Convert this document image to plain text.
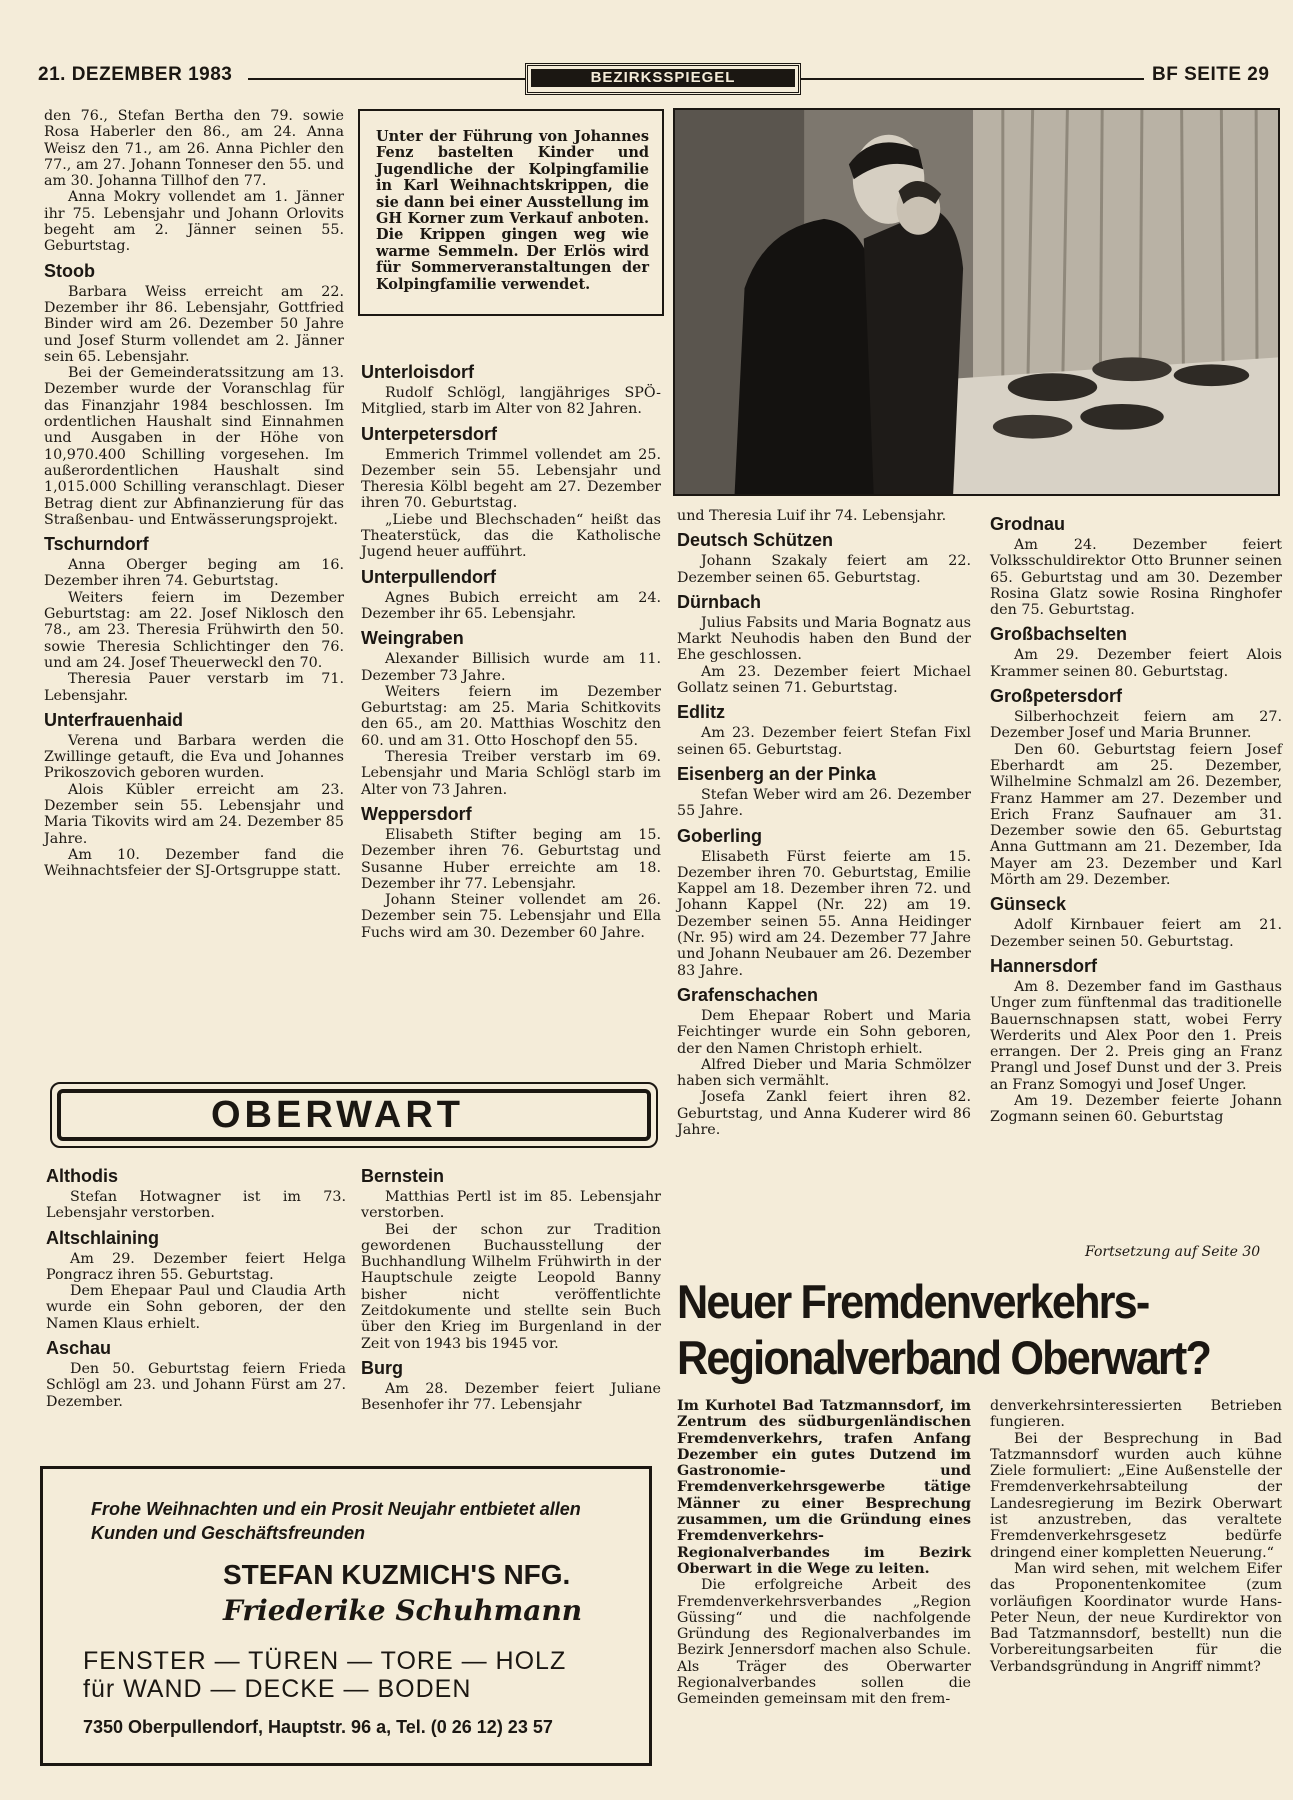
21. DEZEMBER 1983	BEZIRKSSPIEGEL	BF SEITE 29

den 76., Stefan Bertha den 79. sowie Rosa Haberler den 86., am 24. Anna Weisz den 71., am 26. Anna Pichler den 77., am 27. Johann Tonneser den 55. und am 30. Johanna Tillhof den 77.

Anna Mokry vollendet am 1. Jänner ihr 75. Lebensjahr und Johann Orlovits begeht am 2. Jänner seinen 55. Geburtstag.

Stoob

Barbara Weiss erreicht am 22. Dezember ihr 86. Lebensjahr, Gottfried Binder wird am 26. Dezember 50 Jahre und Josef Sturm vollendet am 2. Jänner sein 65. Lebensjahr.

Bei der Gemeinderatssitzung am 13. Dezember wurde der Voranschlag für das Finanzjahr 1984 beschlossen. Im ordentlichen Haushalt sind Einnahmen und Ausgaben in der Höhe von 10,970.400 Schilling vorgesehen. Im außerordentlichen Haushalt sind 1,015.000 Schilling veranschlagt. Dieser Betrag dient zur Abfinanzierung für das Straßenbau- und Entwässerungsprojekt.

Tschurndorf

Anna Oberger beging am 16. Dezember ihren 74. Geburtstag.

Weiters feiern im Dezember Geburtstag: am 22. Josef Niklosch den 78., am 23. Theresia Frühwirth den 50. sowie Theresia Schlichtinger den 76. und am 24. Josef Theuerweckl den 70.

Theresia Pauer verstarb im 71. Lebensjahr.

Unterfrauenhaid

Verena und Barbara werden die Zwillinge getauft, die Eva und Johannes Prikoszovich geboren wurden.

Alois Kübler erreicht am 23. Dezember sein 55. Lebensjahr und Maria Tikovits wird am 24. Dezember 85 Jahre.

Am 10. Dezember fand die Weihnachtsfeier der SJ-Ortsgruppe statt.

Unter der Führung von Johannes Fenz bastelten Kinder und Jugendliche der Kolpingfamilie in Karl Weihnachtskrippen, die sie dann bei einer Ausstellung im GH Korner zum Verkauf anboten. Die Krippen gingen weg wie warme Semmeln. Der Erlös wird für Sommerveranstaltungen der Kolpingfamilie verwendet.
Unterloisdorf

Rudolf Schlögl, langjähriges SPÖ-Mitglied, starb im Alter von 82 Jahren.

Unterpetersdorf

Emmerich Trimmel vollendet am 25. Dezember sein 55. Lebensjahr und Theresia Kölbl begeht am 27. Dezember ihren 70. Geburtstag.

„Liebe und Blechschaden“ heißt das Theaterstück, das die Katholische Jugend heuer aufführt.

Unterpullendorf

Agnes Bubich erreicht am 24. Dezember ihr 65. Lebensjahr.

Weingraben

Alexander Billisich wurde am 11. Dezember 73 Jahre.

Weiters feiern im Dezember Geburtstag: am 25. Maria Schitkovits den 65., am 20. Matthias Woschitz den 60. und am 31. Otto Hoschopf den 55.

Theresia Treiber verstarb im 69. Lebensjahr und Maria Schlögl starb im Alter von 73 Jahren.

Weppersdorf

Elisabeth Stifter beging am 15. Dezember ihren 76. Geburtstag und Susanne Huber erreichte am 18. Dezember ihr 77. Lebensjahr.

Johann Steiner vollendet am 26. Dezember sein 75. Lebensjahr und Ella Fuchs wird am 30. Dezember 60 Jahre.

und Theresia Luif ihr 74. Lebensjahr.

Deutsch Schützen

Johann Szakaly feiert am 22. Dezember seinen 65. Geburtstag.

Dürnbach

Julius Fabsits und Maria Bognatz aus Markt Neuhodis haben den Bund der Ehe geschlossen.

Am 23. Dezember feiert Michael Gollatz seinen 71. Geburtstag.

Edlitz

Am 23. Dezember feiert Stefan Fixl seinen 65. Geburtstag.

Eisenberg an der Pinka

Stefan Weber wird am 26. Dezember 55 Jahre.

Goberling

Elisabeth Fürst feierte am 15. Dezember ihren 70. Geburtstag, Emilie Kappel am 18. Dezember ihren 72. und Johann Kappel (Nr. 22) am 19. Dezember seinen 55. Anna Heidinger (Nr. 95) wird am 24. Dezember 77 Jahre und Johann Neubauer am 26. Dezember 83 Jahre.

Grafenschachen

Dem Ehepaar Robert und Maria Feichtinger wurde ein Sohn geboren, der den Namen Christoph erhielt.

Alfred Dieber und Maria Schmölzer haben sich vermählt.

Josefa Zankl feiert ihren 82. Geburtstag, und Anna Kuderer wird 86 Jahre.

Grodnau

Am 24. Dezember feiert Volksschuldirektor Otto Brunner seinen 65. Geburtstag und am 30. Dezember Rosina Glatz sowie Rosina Ringhofer den 75. Geburtstag.

Großbachselten

Am 29. Dezember feiert Alois Krammer seinen 80. Geburtstag.

Großpetersdorf

Silberhochzeit feiern am 27. Dezember Josef und Maria Brunner.

Den 60. Geburtstag feiern Josef Eberhardt am 25. Dezember, Wilhelmine Schmalzl am 26. Dezember, Franz Hammer am 27. Dezember und Erich Franz Saufnauer am 31. Dezember sowie den 65. Geburtstag Anna Guttmann am 21. Dezember, Ida Mayer am 23. Dezember und Karl Mörth am 29. Dezember.

Günseck

Adolf Kirnbauer feiert am 21. Dezember seinen 50. Geburtstag.

Hannersdorf

Am 8. Dezember fand im Gasthaus Unger zum fünftenmal das traditionelle Bauernschnapsen statt, wobei Ferry Werderits und Alex Poor den 1. Preis errangen. Der 2. Preis ging an Franz Prangl und Josef Dunst und der 3. Preis an Franz Somogyi und Josef Unger.

Am 19. Dezember feierte Johann Zogmann seinen 60. Geburtstag

Fortsetzung auf Seite 30
OBERWART
Althodis

Stefan Hotwagner ist im 73. Lebensjahr verstorben.

Altschlaining

Am 29. Dezember feiert Helga Pongracz ihren 55. Geburtstag.

Dem Ehepaar Paul und Claudia Arth wurde ein Sohn geboren, der den Namen Klaus erhielt.

Aschau

Den 50. Geburtstag feiern Frieda Schlögl am 23. und Johann Fürst am 27. Dezember.

Bernstein

Matthias Pertl ist im 85. Lebensjahr verstorben.

Bei der schon zur Tradition gewordenen Buchausstellung der Buchhandlung Wilhelm Frühwirth in der Hauptschule zeigte Leopold Banny bisher nicht veröffentlichte Zeitdokumente und stellte sein Buch über den Krieg im Burgenland in der Zeit von 1943 bis 1945 vor.

Burg

Am 28. Dezember feiert Juliane Besenhofer ihr 77. Lebensjahr

Frohe Weihnachten und ein Prosit Neujahr entbietet allen Kunden und Geschäftsfreunden
STEFAN KUZMICH'S NFG.
Friederike Schuhmann
FENSTER — TÜREN — TORE — HOLZ für WAND — DECKE — BODEN
7350 Oberpullendorf, Hauptstr. 96 a, Tel. (0 26 12) 23 57
Neuer Fremdenverkehrs-Regionalverband Oberwart?

Im Kurhotel Bad Tatzmannsdorf, im Zentrum des südburgenländischen Fremdenverkehrs, trafen Anfang Dezember ein gutes Dutzend im Gastronomie- und Fremdenverkehrsgewerbe tätige Männer zu einer Besprechung zusammen, um die Gründung eines Fremdenverkehrs-Regionalverbandes im Bezirk Oberwart in die Wege zu leiten.

Die erfolgreiche Arbeit des Fremdenverkehrsverbandes „Region Güssing“ und die nachfolgende Gründung des Regionalverbandes im Bezirk Jennersdorf machen also Schule. Als Träger des Oberwarter Regionalverbandes sollen die Gemeinden gemeinsam mit den frem-

denverkehrsinteressierten Betrieben fungieren.

Bei der Besprechung in Bad Tatzmannsdorf wurden auch kühne Ziele formuliert: „Eine Außenstelle der Fremdenverkehrsabteilung der Landesregierung im Bezirk Oberwart ist anzustreben, das veraltete Fremdenverkehrsgesetz bedürfe dringend einer kompletten Neuerung.“

Man wird sehen, mit welchem Eifer das Proponentenkomitee (zum vorläufigen Koordinator wurde Hans-Peter Neun, der neue Kurdirektor von Bad Tatzmannsdorf, bestellt) nun die Vorbereitungsarbeiten für die Verbandsgründung in Angriff nimmt?
